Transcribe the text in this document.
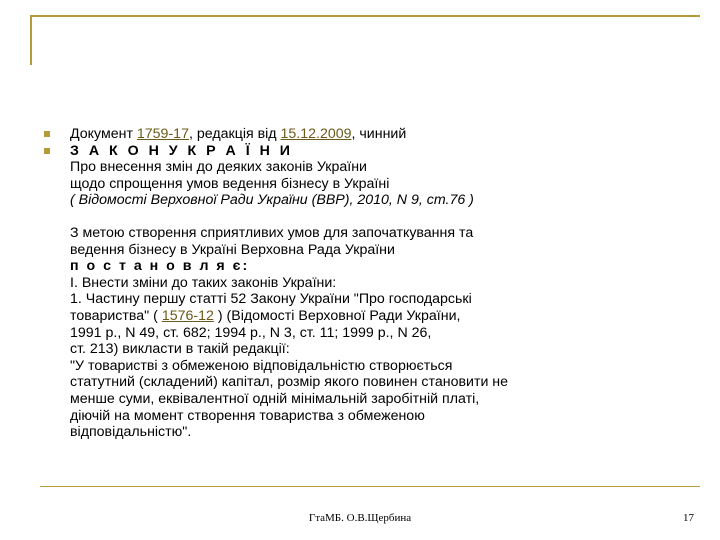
Документ 1759-17, редакція від 15.12.2009, чинний
З А К О Н У К Р А Ї Н И
Про внесення змін до деяких законів України
щодо спрощення умов ведення бізнесу в Україні
( Відомості Верховної Ради України (ВВР), 2010, N 9, ст.76 )
З метою створення сприятливих умов для започаткування та
ведення бізнесу в Україні Верховна Рада України
п о с т а н о в л я є:
I. Внести зміни до таких законів України:
1. Частину першу статті 52 Закону України "Про господарські
товариства" ( 1576-12 ) (Відомості Верховної Ради України,
1991 р., N 49, ст. 682; 1994 р., N 3, ст. 11; 1999 р., N 26,
ст. 213) викласти в такій редакції:
"У товаристві з обмеженою відповідальністю створюється
статутний (складений) капітал, розмір якого повинен становити не
менше суми, еквівалентної одній мінімальній заробітній платі,
діючій на момент створення товариства з обмеженою
відповідальністю".
ГтаМБ. О.В.Щербина	17
